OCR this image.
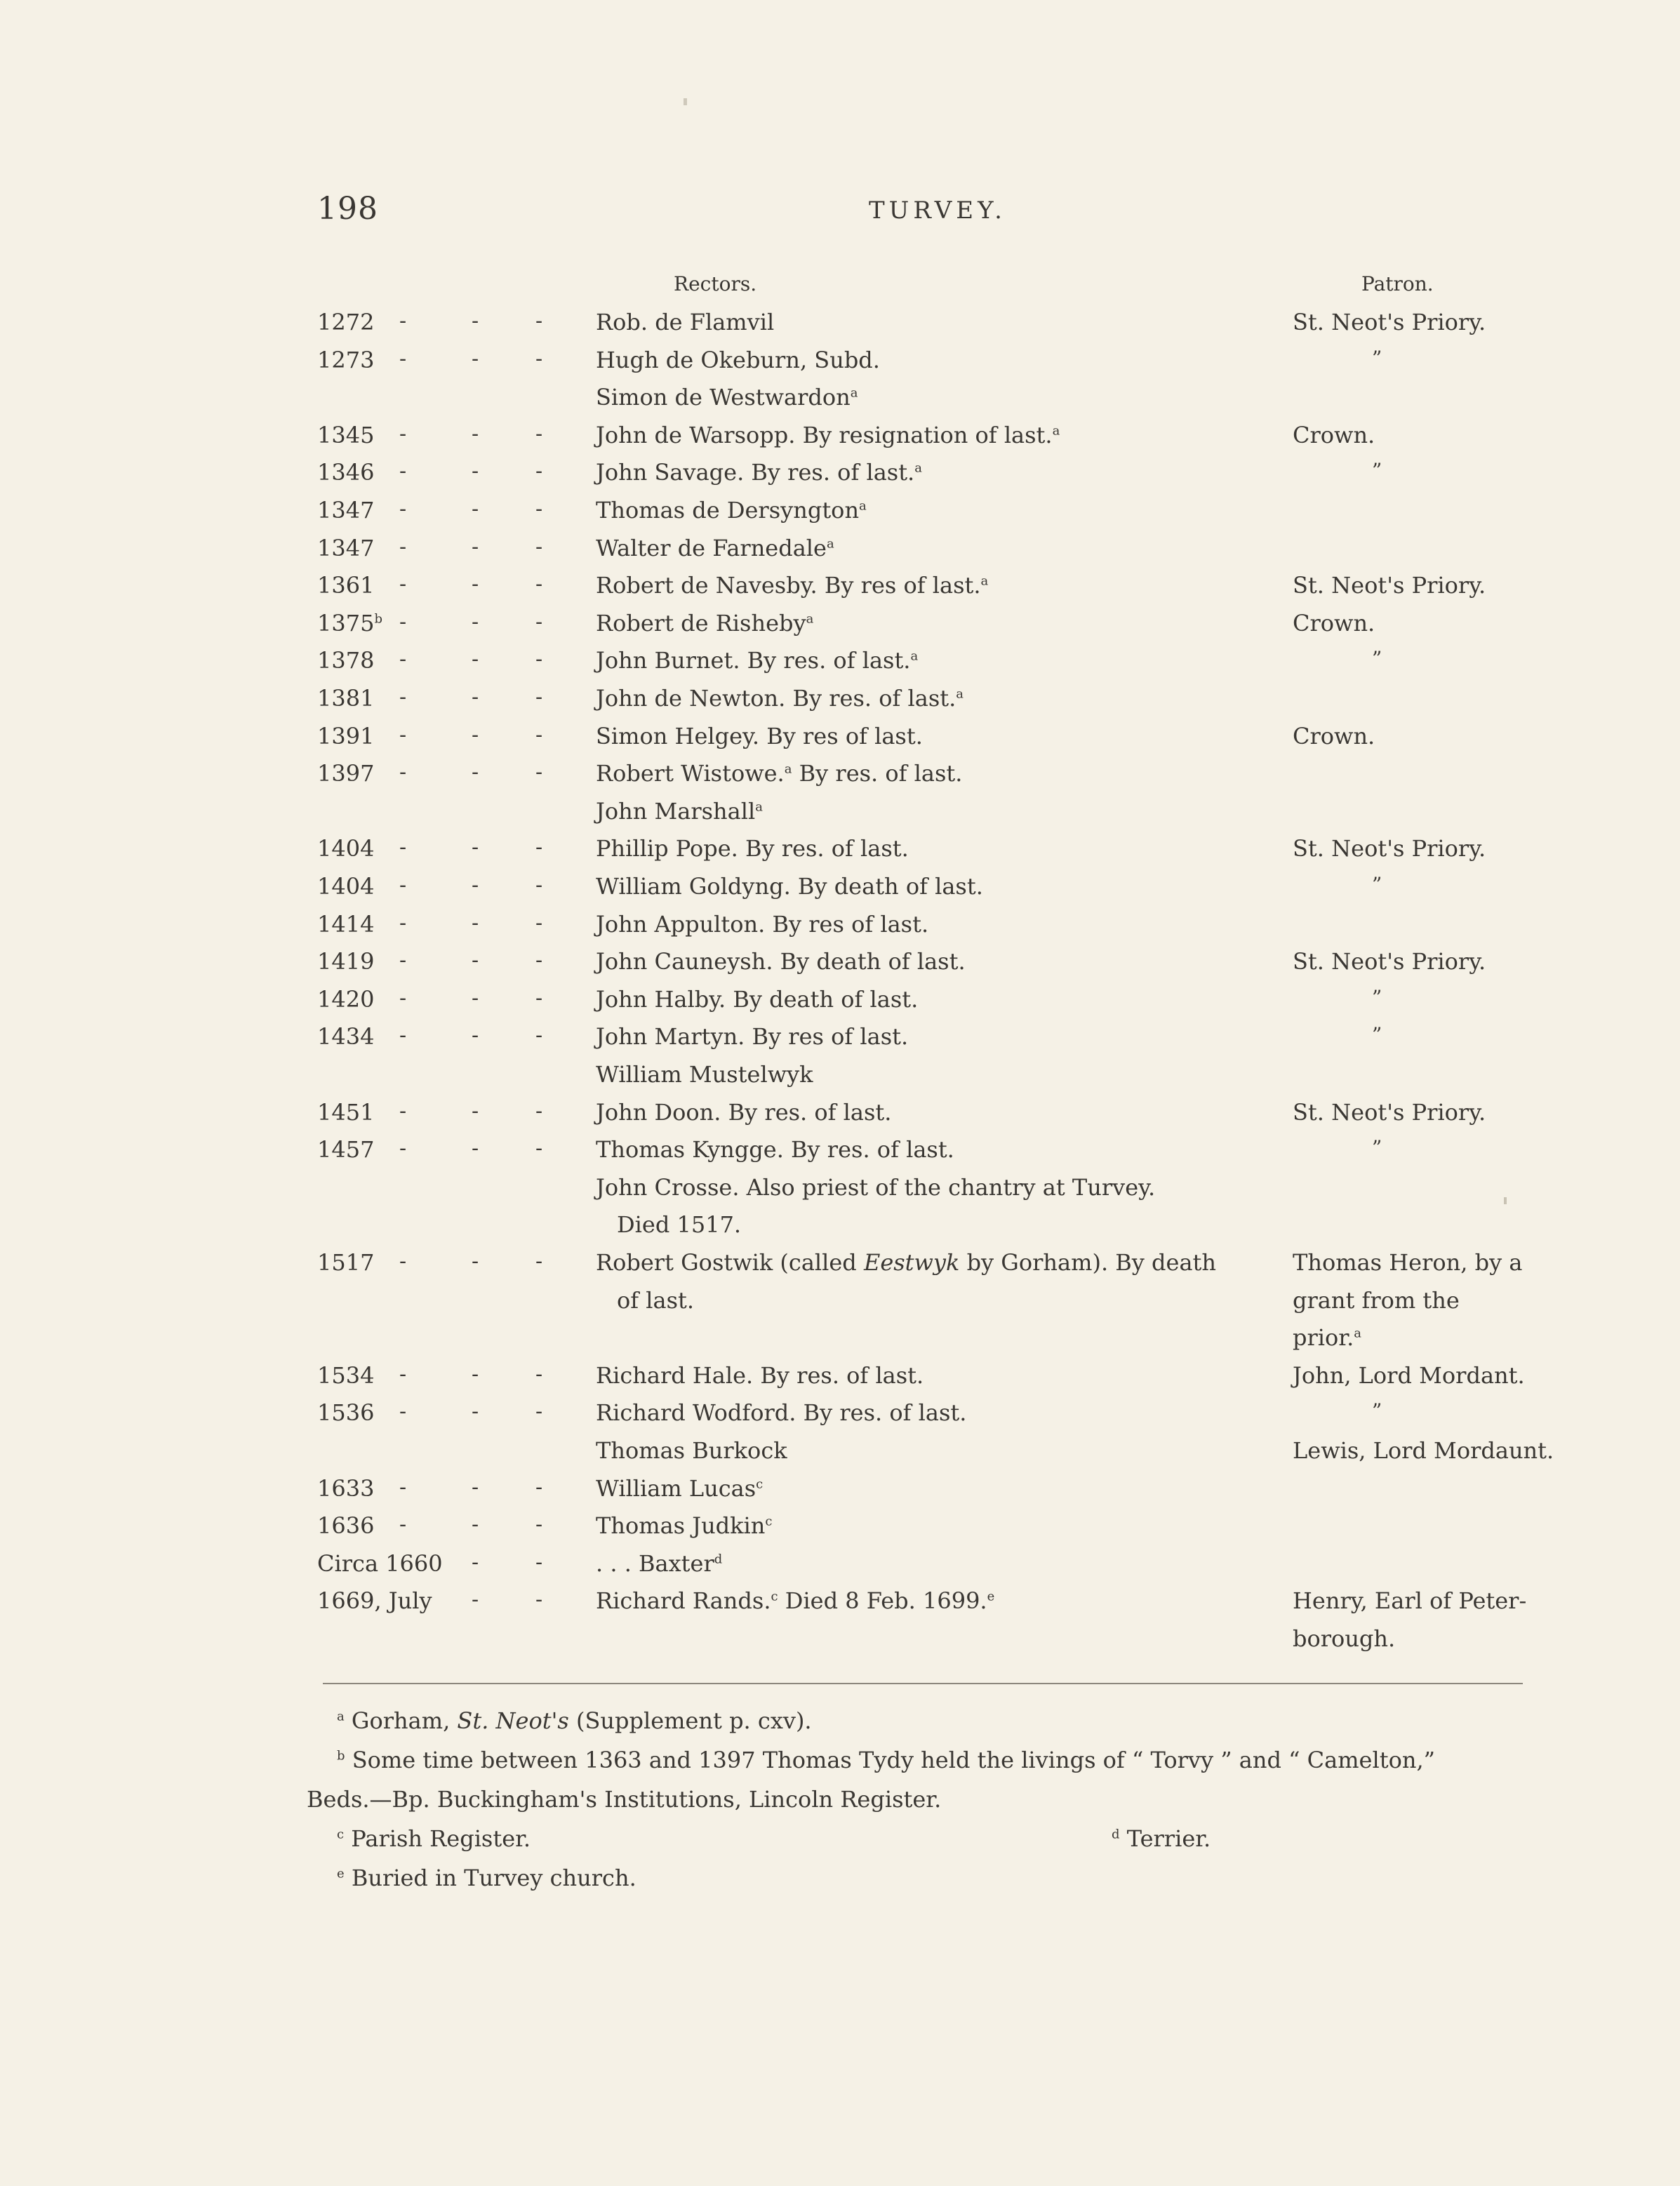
198	TURVEY.
Rectors.	Patron.
1272 -	-	- Rob. de Flamvil	St. Neot's Priory.
1273 -	-	- Hugh de Okeburn, Subd.	”
Simon de Westwardon$^a$
1345 -	-	- John de Warsopp. By resignation of last.$^a$	Crown.
1346 -	-	- John Savage. By res. of last.$^a$	”
1347 -	-	- Thomas de Dersyngton$^a$
1347 -	-	- Walter de Farnedale$^a$
1361 -	-	- Robert de Navesby. By res of last.$^a$	St. Neot's Priory.
1375$^b$ -	-	- Robert de Risheby$^a$	Crown.
1378 -	-	- John Burnet. By res. of last.$^a$	”
1381 -	-	- John de Newton. By res. of last.$^a$
1391 -	-	- Simon Helgey. By res of last.	Crown.
1397 -	-	- Robert Wistowe.$^a$ By res. of last.
John Marshall$^a$
1404 -	-	- Phillip Pope. By res. of last.	St. Neot's Priory.
1404 -	-	- William Goldyng. By death of last.	”
1414 -	-	- John Appulton. By res of last.
1419 -	-	- John Cauneysh. By death of last.	St. Neot's Priory.
1420 -	-	- John Halby. By death of last.	”
1434 -	-	- John Martyn. By res of last.	”
William Mustelwyk
1451 -	-	- John Doon. By res. of last.	St. Neot's Priory.
1457 -	-	- Thomas Kyngge. By res. of last.	”
John Crosse. Also priest of the chantry at Turvey.
Died 1517.
1517 -	-	- Robert Gostwik (called Eestwyk by Gorham). By death	Thomas Heron, by a
of last.	grant from the
prior.$^a$
1534 -	-	- Richard Hale. By res. of last.	John, Lord Mordant.
1536 -	-	- Richard Wodford. By res. of last.	”
Thomas Burkock	Lewis, Lord Mordaunt.
1633 -	-	- William Lucas$^c$
1636 -	-	- Thomas Judkin$^c$
Circa 1660 -	- . . . Baxter$^d$
1669, July -	- Richard Rands.$^c$ Died 8 Feb. 1699.$^e$	Henry, Earl of Peter-
borough.
$^a$ Gorham, St. Neot's (Supplement p. cxv).
$^b$ Some time between 1363 and 1397 Thomas Tydy held the livings of “ Torvy ” and “ Camelton,”
Beds.—Bp. Buckingham's Institutions, Lincoln Register.
$^c$ Parish Register.	$^d$ Terrier.
$^e$ Buried in Turvey church.
